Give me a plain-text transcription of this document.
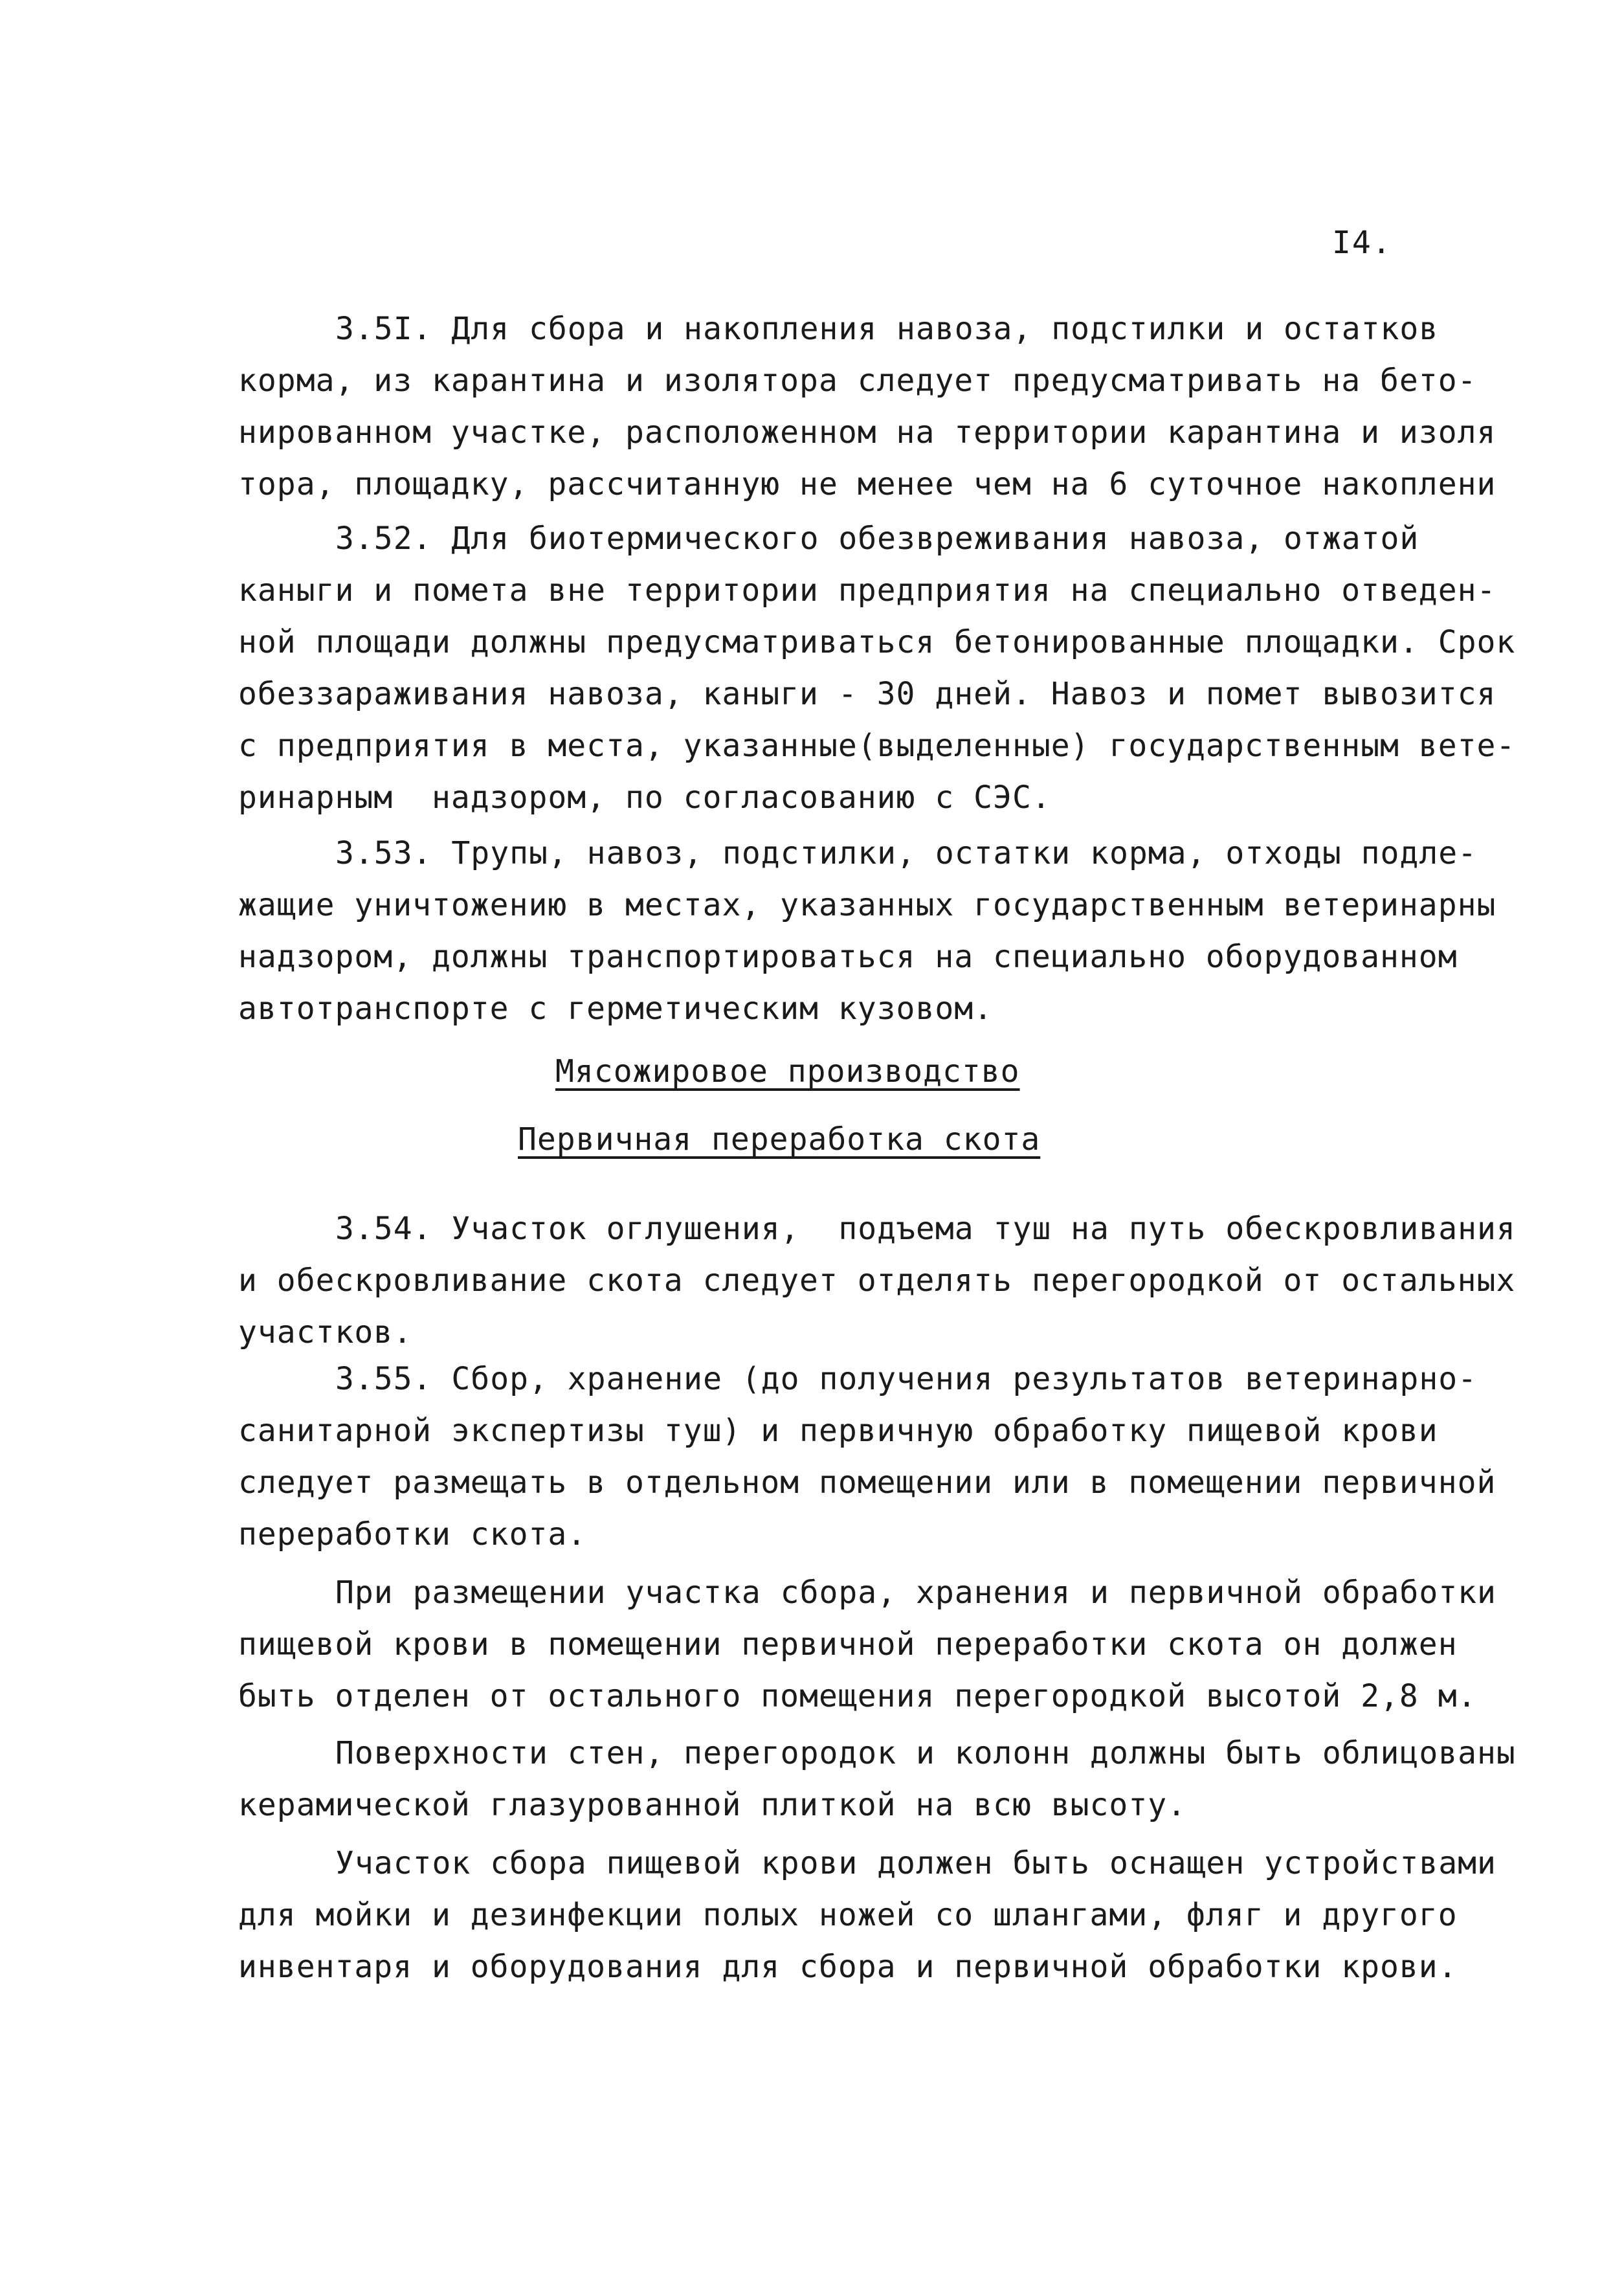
I4.
3.5I. Для сбора и накопления навоза, подстилки и остатков
корма, из карантина и изолятора следует предусматривать на бето-
нированном участке, расположенном на территории карантина и изоля
тора, площадку, рассчитанную не менее чем на 6 суточное накоплени
3.52. Для биотермического обезвреживания навоза, отжатой
каныги и помета вне территории предприятия на специально отведен-
ной площади должны предусматриваться бетонированные площадки. Срок
обеззараживания навоза, каныги - 30 дней. Навоз и помет вывозится
с предприятия в места, указанные(выделенные) государственным вете-
ринарным  надзором, по согласованию с СЭС.
3.53. Трупы, навоз, подстилки, остатки корма, отходы подле-
жащие уничтожению в местах, указанных государственным ветеринарны
надзором, должны транспортироваться на специально оборудованном
автотранспорте с герметическим кузовом.
Мясожировое производство
Первичная переработка скота
3.54. Участок оглушения,  подъема туш на путь обескровливания
и обескровливание скота следует отделять перегородкой от остальных
участков.
3.55. Сбор, хранение (до получения результатов ветеринарно-
санитарной экспертизы туш) и первичную обработку пищевой крови
следует размещать в отдельном помещении или в помещении первичной
переработки скота.
При размещении участка сбора, хранения и первичной обработки
пищевой крови в помещении первичной переработки скота он должен
быть отделен от остального помещения перегородкой высотой 2,8 м.
Поверхности стен, перегородок и колонн должны быть облицованы
керамической глазурованной плиткой на всю высоту.
Участок сбора пищевой крови должен быть оснащен устройствами
для мойки и дезинфекции полых ножей со шлангами, фляг и другого
инвентаря и оборудования для сбора и первичной обработки крови.
